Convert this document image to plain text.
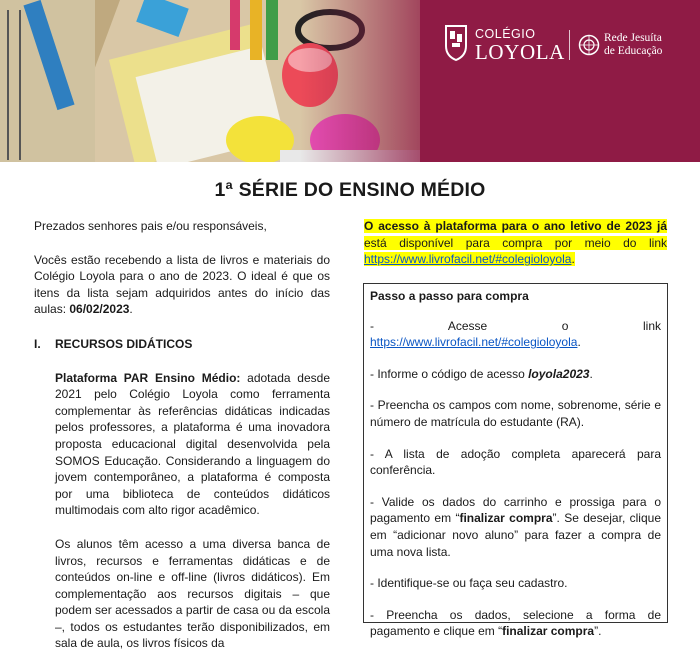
COLÉGIO
LOYOLA
Rede Jesuíta
de Educação
1ª SÉRIE DO ENSINO MÉDIO

Prezados senhores pais e/ou responsáveis,

Vocês estão recebendo a lista de livros e materiais do Colégio Loyola para o ano de 2023. O ideal é que os itens da lista sejam adquiridos antes do início das aulas: 06/02/2023.

I.	RECURSOS DIDÁTICOS

Plataforma PAR Ensino Médio: adotada desde 2021 pelo Colégio Loyola como ferramenta complementar às referências didáticas indicadas pelos professores, a plataforma é uma inovadora proposta educacional digital desenvolvida pela SOMOS Educação. Considerando a linguagem do jovem contemporâneo, a plataforma é composta por uma biblioteca de conteúdos didáticos multimodais com alto rigor acadêmico.

Os alunos têm acesso a uma diversa banca de livros, recursos e ferramentas didáticas e de conteúdos on-line e off-line (livros didáticos). Em complementação aos recursos digitais – que podem ser acessados a partir de casa ou da escola –, todos os estudantes terão disponibilizados, em sala de aula, os livros físicos da

O acesso à plataforma para o ano letivo de 2023 já está disponível para compra por meio do link https://www.livrofacil.net/#colegioloyola.

Passo a passo para compra

- Acesse o link https://www.livrofacil.net/#colegioloyola.

- Informe o código de acesso loyola2023.

- Preencha os campos com nome, sobrenome, série e número de matrícula do estudante (RA).

- A lista de adoção completa aparecerá para conferência.

- Valide os dados do carrinho e prossiga para o pagamento em “finalizar compra”. Se desejar, clique em “adicionar novo aluno” para fazer a compra de uma nova lista.

- Identifique-se ou faça seu cadastro.

- Preencha os dados, selecione a forma de pagamento e clique em “finalizar compra”.
